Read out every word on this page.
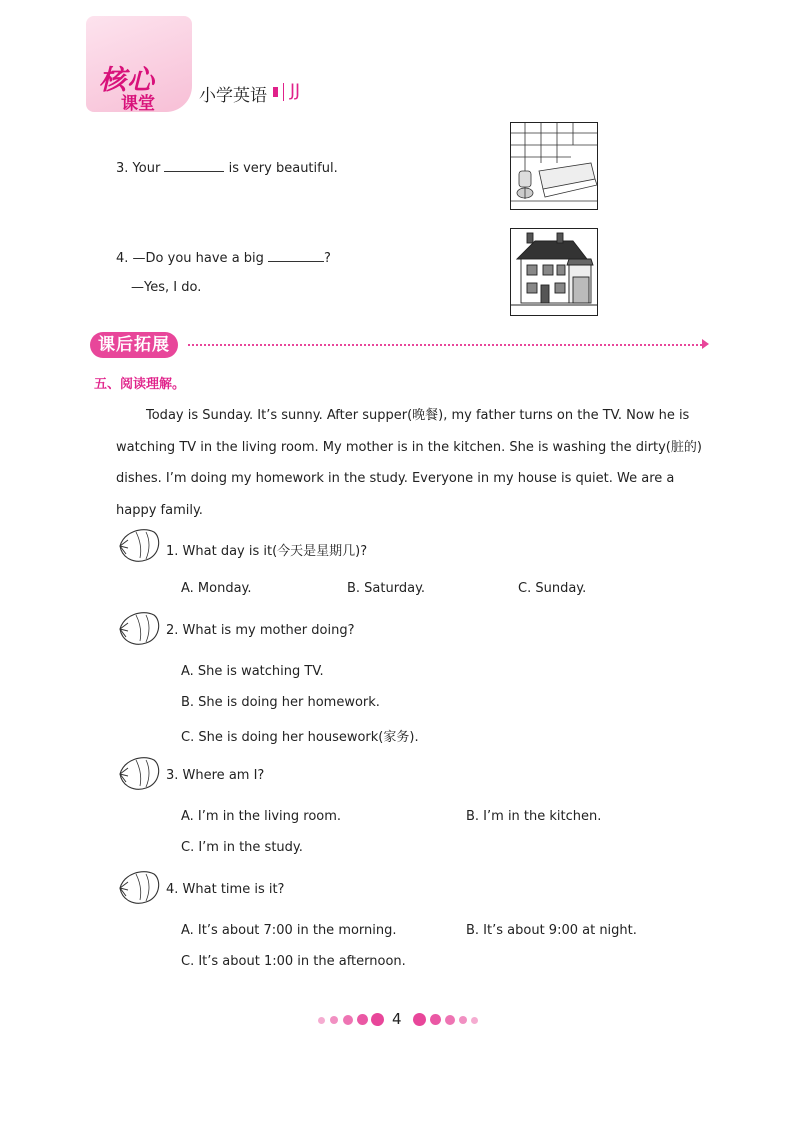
核心
课堂	小学英语 JJ
3. Your	is very beautiful.
4. —Do you have a big	?
—Yes, I do.
课后拓展
五、阅读理解。

Today is Sunday. It’s sunny. After supper(晚餐), my father turns on the TV. Now he is watching TV in the living room. My mother is in the kitchen. She is washing the dirty(脏的) dishes. I’m doing my homework in the study. Everyone in my house is quiet. We are a happy family.

1. What day is it(今天是星期几)?
A. Monday.	B. Saturday.	C. Sunday.
2. What is my mother doing?
A. She is watching TV.
B. She is doing her homework.
C. She is doing her housework(家务).
3. Where am I?
A. I’m in the living room.	B. I’m in the kitchen.
C. I’m in the study.
4. What time is it?
A. It’s about 7:00 in the morning.	B. It’s about 9:00 at night.
C. It’s about 1:00 in the afternoon.
4
